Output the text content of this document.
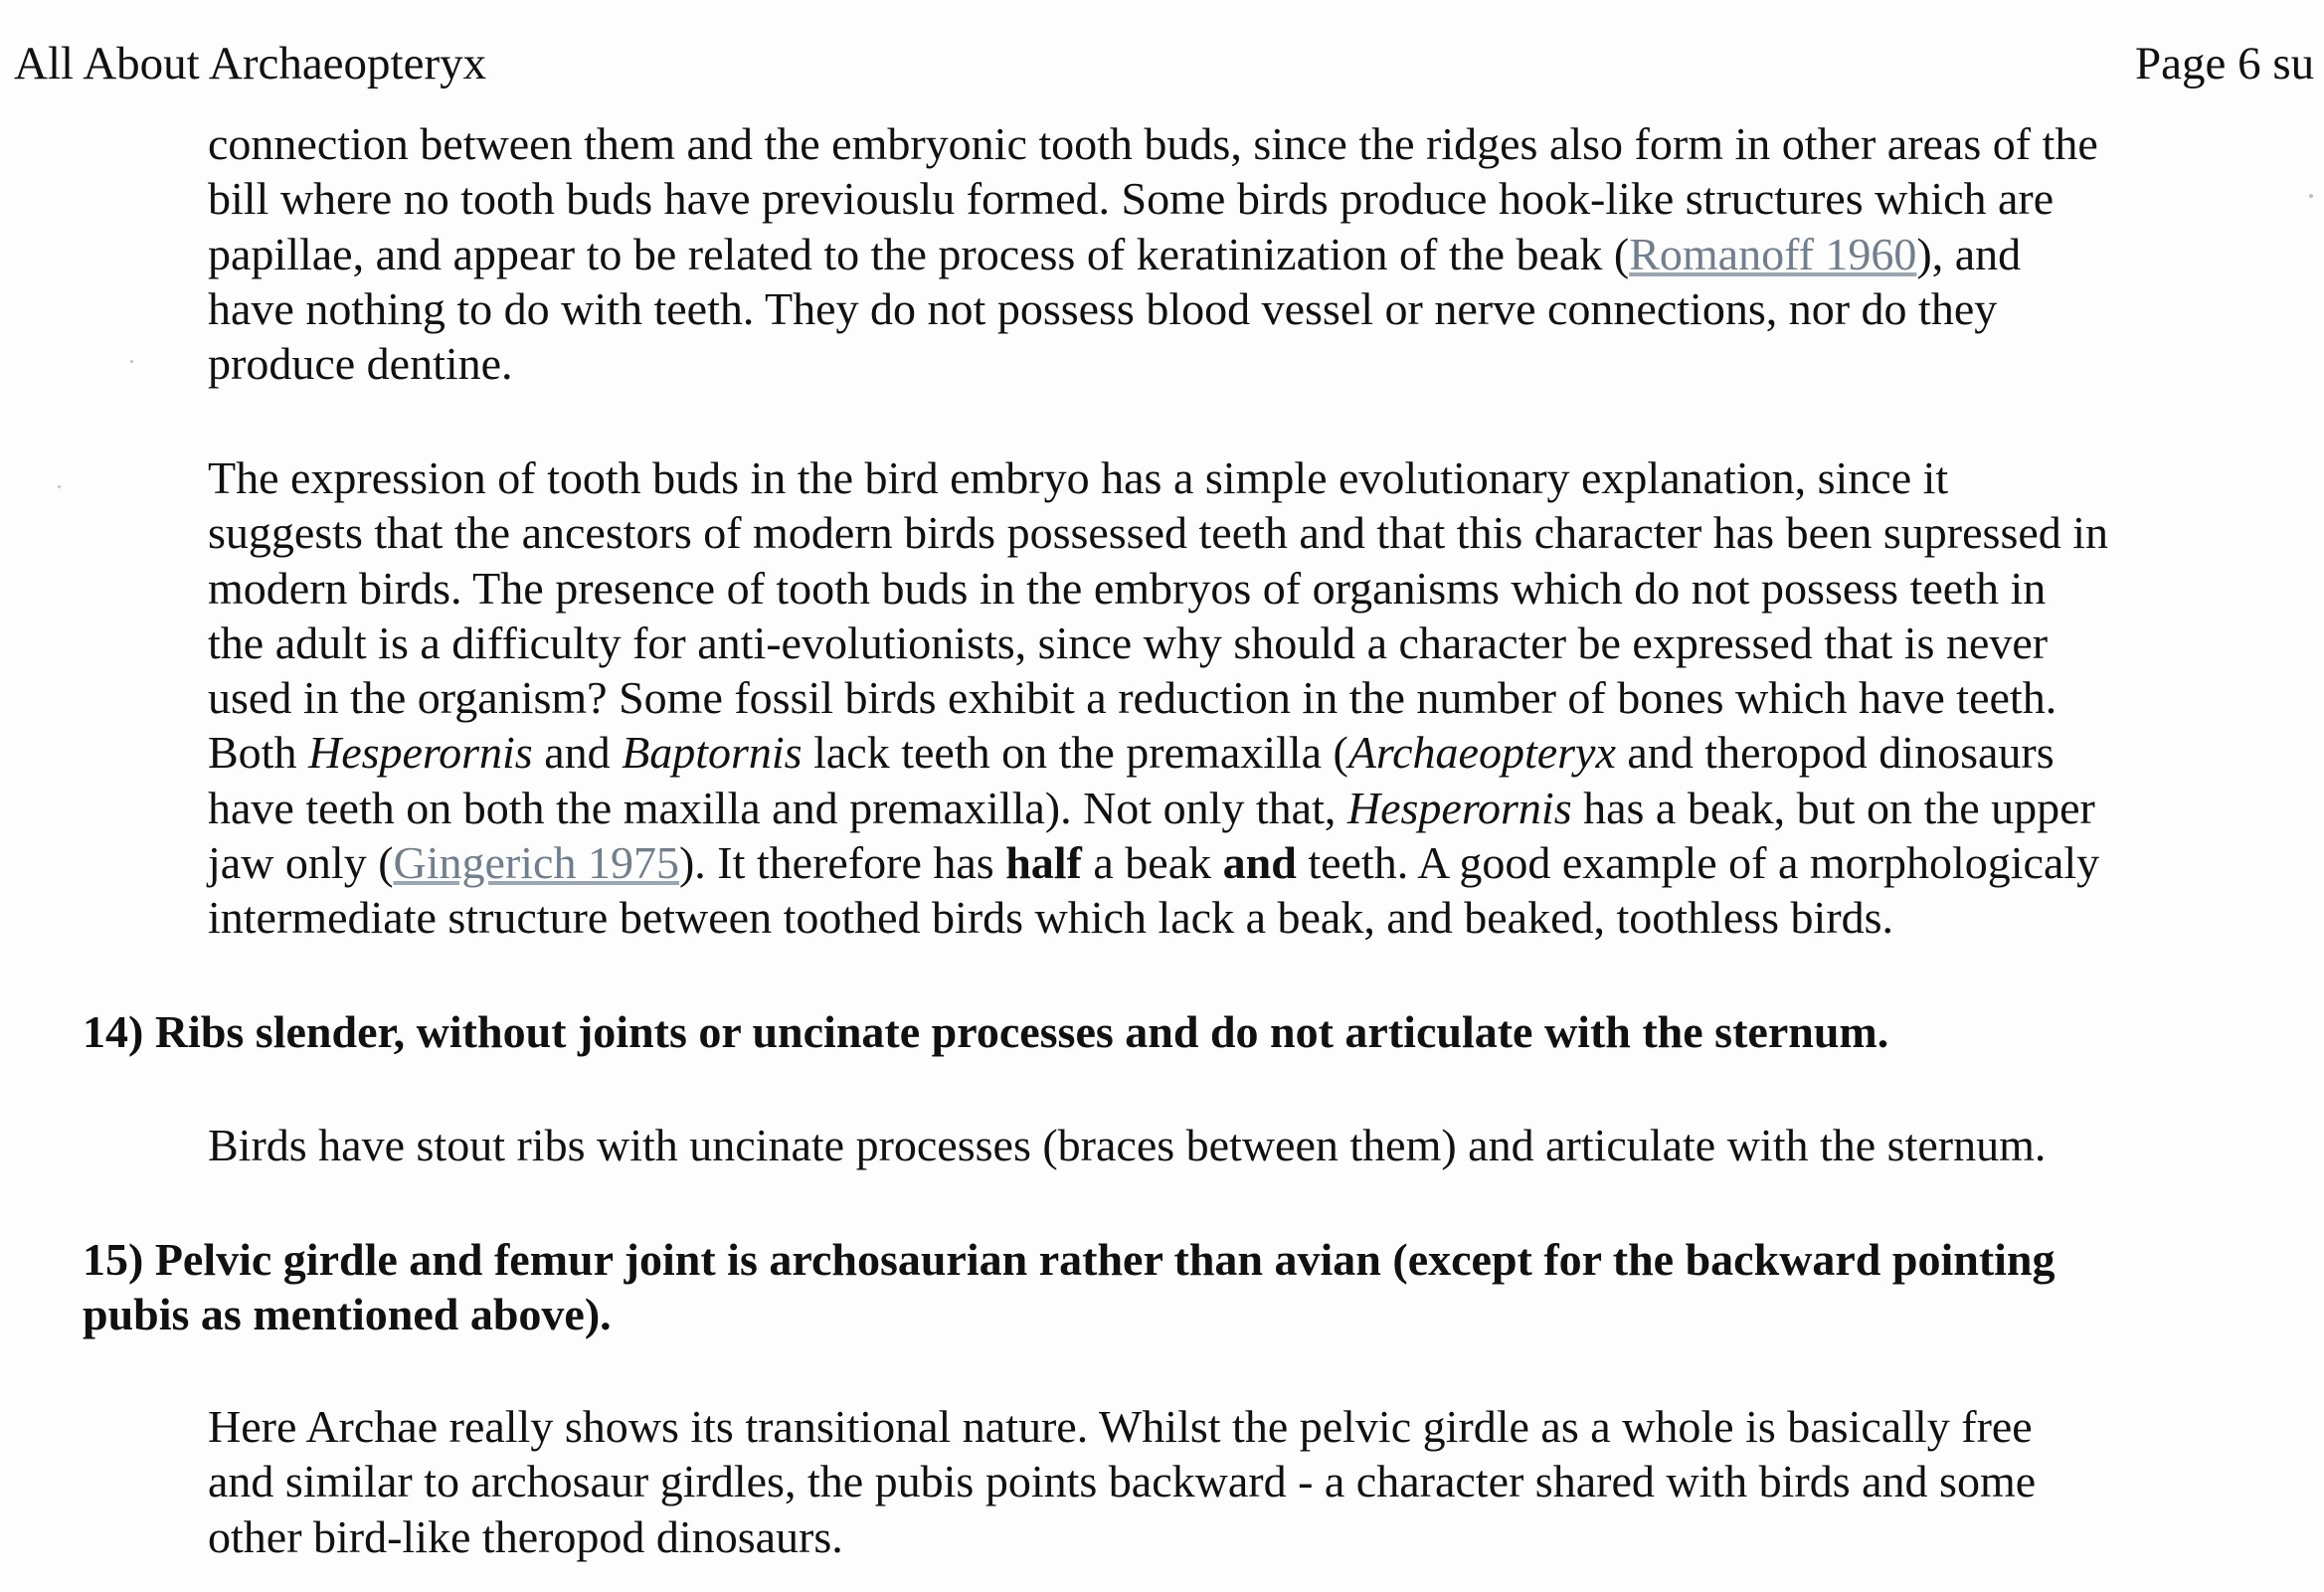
All About Archaeopteryx	Page 6 su
connection between them and the embryonic tooth buds, since the ridges also form in other areas of the
bill where no tooth buds have previouslu formed. Some birds produce hook-like structures which are
papillae, and appear to be related to the process of keratinization of the beak (Romanoff 1960), and
have nothing to do with teeth. They do not possess blood vessel or nerve connections, nor do they
produce dentine.
The expression of tooth buds in the bird embryo has a simple evolutionary explanation, since it
suggests that the ancestors of modern birds possessed teeth and that this character has been supressed in
modern birds. The presence of tooth buds in the embryos of organisms which do not possess teeth in
the adult is a difficulty for anti-evolutionists, since why should a character be expressed that is never
used in the organism? Some fossil birds exhibit a reduction in the number of bones which have teeth.
Both Hesperornis and Baptornis lack teeth on the premaxilla (Archaeopteryx and theropod dinosaurs
have teeth on both the maxilla and premaxilla). Not only that, Hesperornis has a beak, but on the upper
jaw only (Gingerich 1975). It therefore has half a beak and teeth. A good example of a morphologicaly
intermediate structure between toothed birds which lack a beak, and beaked, toothless birds.
14) Ribs slender, without joints or uncinate processes and do not articulate with the sternum.
Birds have stout ribs with uncinate processes (braces between them) and articulate with the sternum.
15) Pelvic girdle and femur joint is archosaurian rather than avian (except for the backward pointing
pubis as mentioned above).
Here Archae really shows its transitional nature. Whilst the pelvic girdle as a whole is basically free
and similar to archosaur girdles, the pubis points backward - a character shared with birds and some
other bird-like theropod dinosaurs.
